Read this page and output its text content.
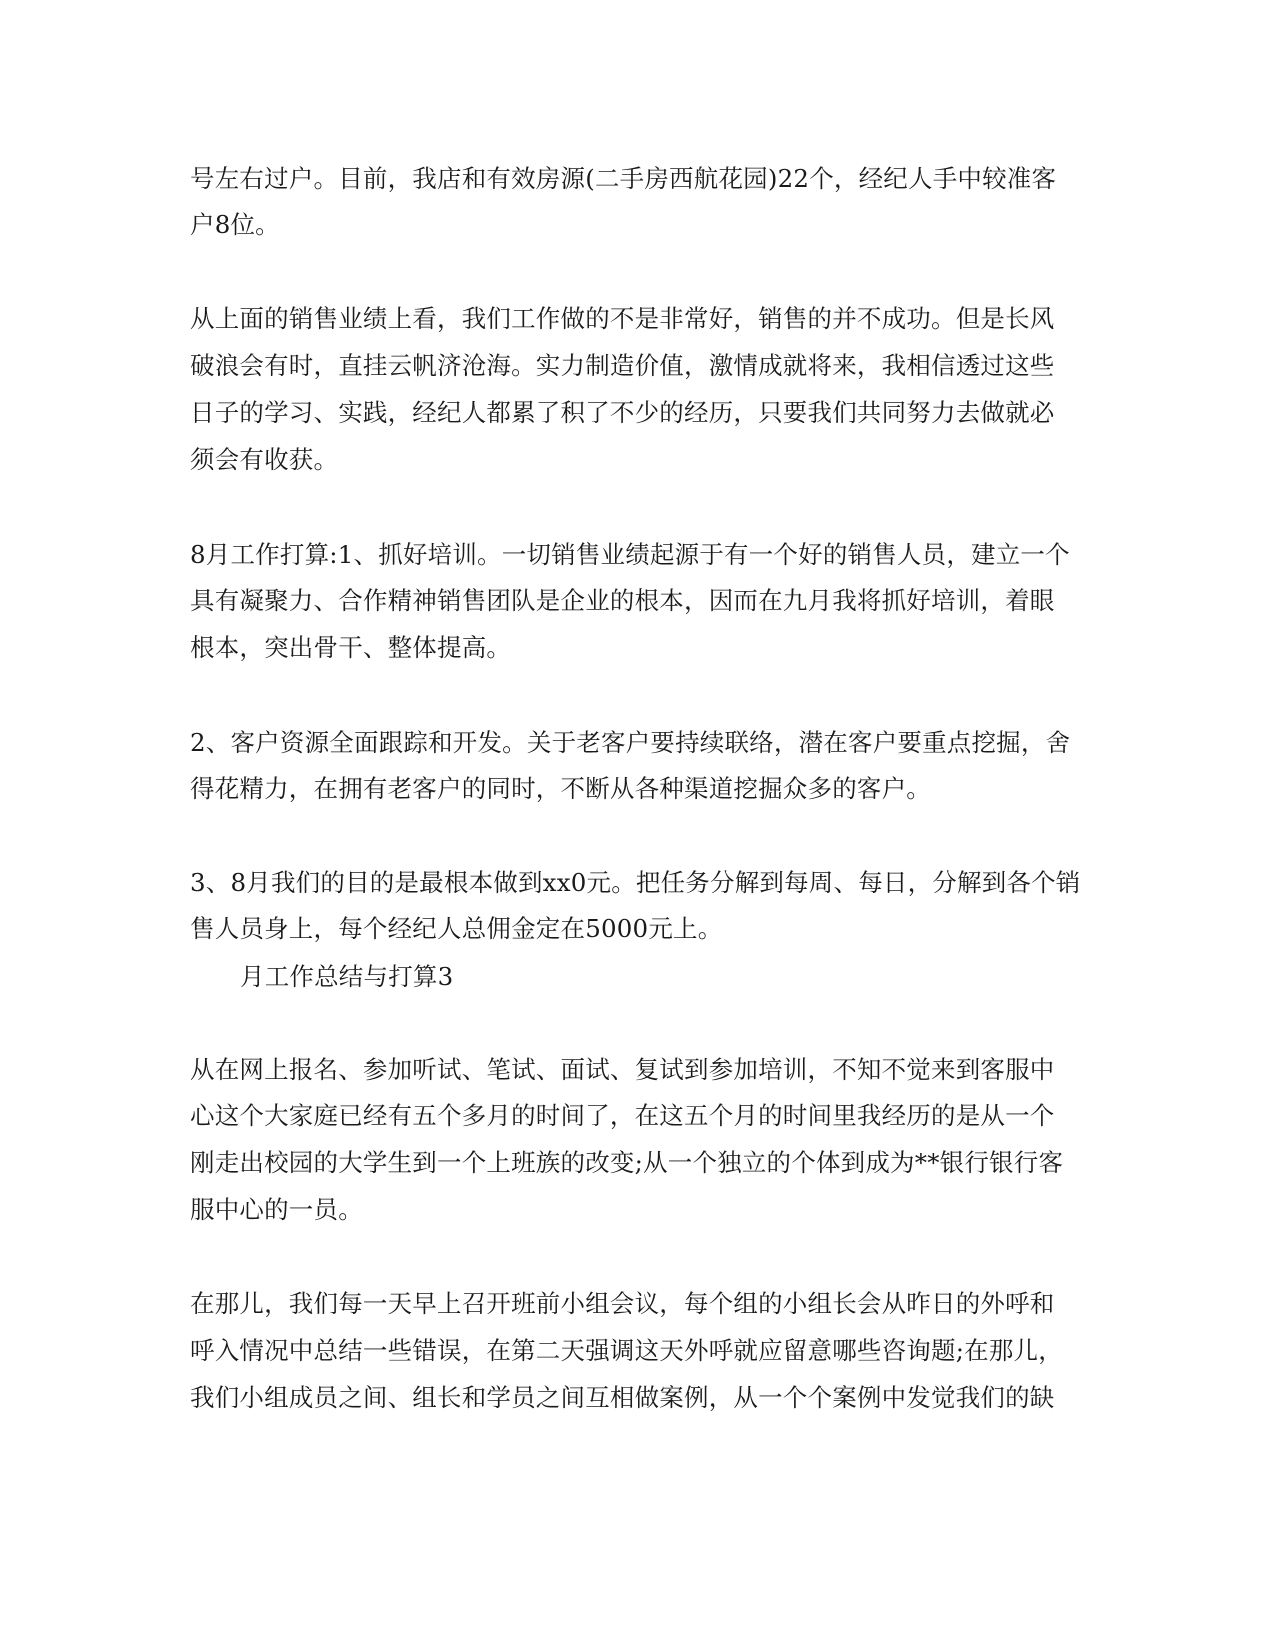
号左右过户。目前，我店和有效房源(二手房西航花园)22个，经纪人手中较准客
户8位。
从上面的销售业绩上看，我们工作做的不是非常好，销售的并不成功。但是长风
破浪会有时，直挂云帆济沧海。实力制造价值，激情成就将来，我相信透过这些
日子的学习、实践，经纪人都累了积了不少的经历，只要我们共同努力去做就必
须会有收获。
8月工作打算:1、抓好培训。一切销售业绩起源于有一个好的销售人员，建立一个
具有凝聚力、合作精神销售团队是企业的根本，因而在九月我将抓好培训，着眼
根本，突出骨干、整体提高。
2、客户资源全面跟踪和开发。关于老客户要持续联络，潜在客户要重点挖掘，舍
得花精力，在拥有老客户的同时，不断从各种渠道挖掘众多的客户。
3、8月我们的目的是最根本做到xx0元。把任务分解到每周、每日，分解到各个销
售人员身上，每个经纪人总佣金定在5000元上。
月工作总结与打算3
从在网上报名、参加听试、笔试、面试、复试到参加培训，不知不觉来到客服中
心这个大家庭已经有五个多月的时间了，在这五个月的时间里我经历的是从一个
刚走出校园的大学生到一个上班族的改变;从一个独立的个体到成为**银行银行客
服中心的一员。
在那儿，我们每一天早上召开班前小组会议，每个组的小组长会从昨日的外呼和
呼入情况中总结一些错误，在第二天强调这天外呼就应留意哪些咨询题;在那儿，
我们小组成员之间、组长和学员之间互相做案例，从一个个案例中发觉我们的缺
